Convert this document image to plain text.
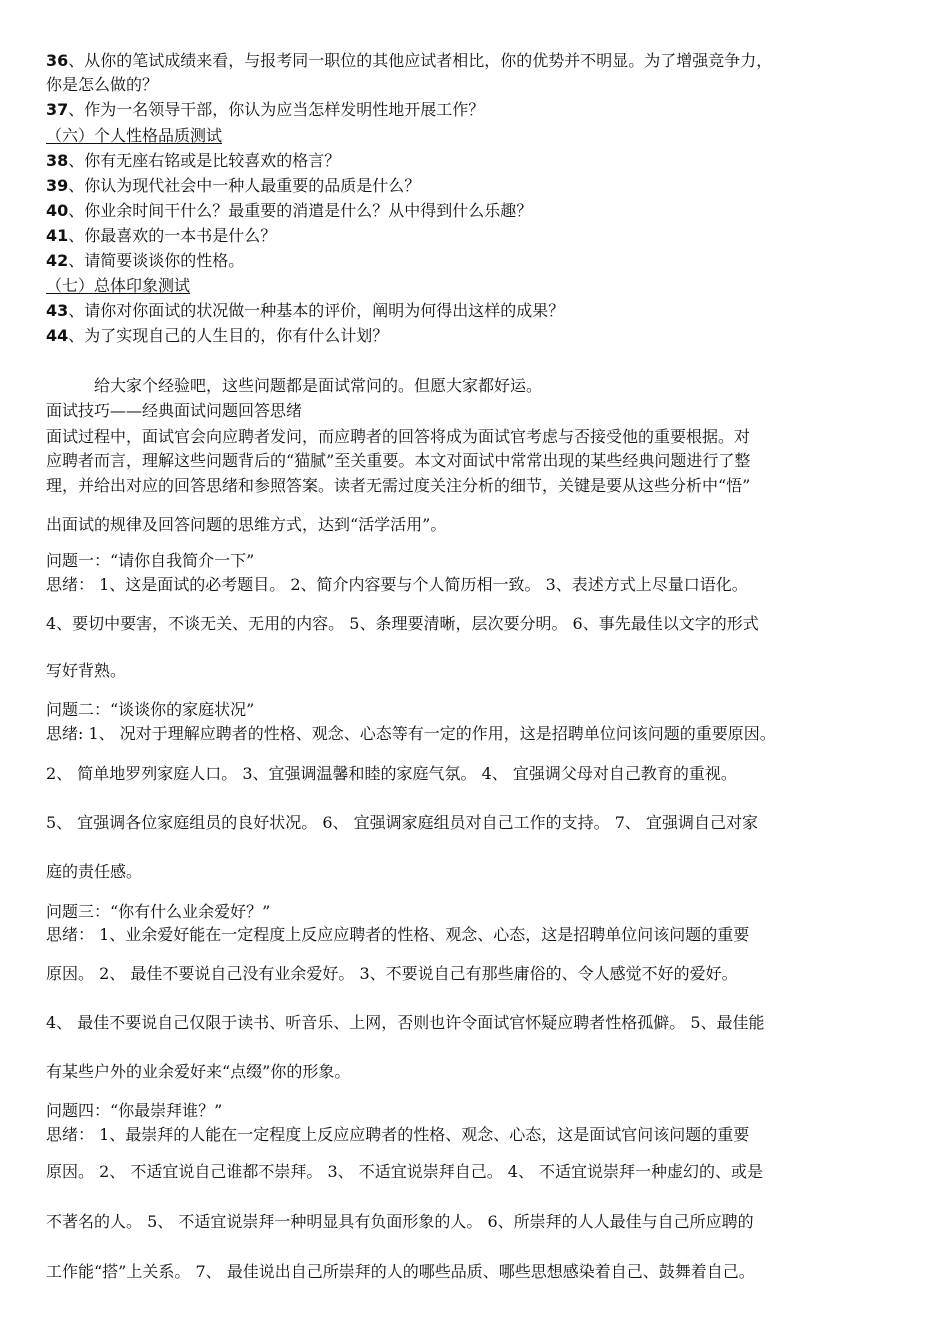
36、从你的笔试成绩来看，与报考同一职位的其他应试者相比，你的优势并不明显。为了增强竞争力，
你是怎么做的？
37、作为一名领导干部，你认为应当怎样发明性地开展工作？
（六）个人性格品质测试
38、你有无座右铭或是比较喜欢的格言？
39、你认为现代社会中一种人最重要的品质是什么？
40、你业余时间干什么？最重要的消遣是什么？从中得到什么乐趣？
41、你最喜欢的一本书是什么？
42、请简要谈谈你的性格。
（七）总体印象测试
43、请你对你面试的状况做一种基本的评价，阐明为何得出这样的成果？
44、为了实现自己的人生目的，你有什么计划？
给大家个经验吧，这些问题都是面试常问的。但愿大家都好运。
面试技巧——经典面试问题回答思绪
面试过程中，面试官会向应聘者发问，而应聘者的回答将成为面试官考虑与否接受他的重要根据。对
应聘者而言，理解这些问题背后的“猫腻”至关重要。本文对面试中常常出现的某些经典问题进行了整
理，并给出对应的回答思绪和参照答案。读者无需过度关注分析的细节，关键是要从这些分析中“悟”
出面试的规律及回答问题的思维方式，达到“活学活用”。
问题一：“请你自我简介一下”
思绪： 1、这是面试的必考题目。 2、简介内容要与个人简历相一致。 3、表述方式上尽量口语化。
4、要切中要害，不谈无关、无用的内容。 5、条理要清晰，层次要分明。 6、事先最佳以文字的形式
写好背熟。
问题二：“谈谈你的家庭状况”
思绪: 1、 况对于理解应聘者的性格、观念、心态等有一定的作用，这是招聘单位问该问题的重要原因。
2、 简单地罗列家庭人口。 3、宜强调温馨和睦的家庭气氛。 4、 宜强调父母对自己教育的重视。
5、 宜强调各位家庭组员的良好状况。 6、 宜强调家庭组员对自己工作的支持。 7、 宜强调自己对家
庭的责任感。
问题三：“你有什么业余爱好？”
思绪： 1、业余爱好能在一定程度上反应应聘者的性格、观念、心态，这是招聘单位问该问题的重要
原因。 2、 最佳不要说自己没有业余爱好。 3、不要说自己有那些庸俗的、令人感觉不好的爱好。
4、 最佳不要说自己仅限于读书、听音乐、上网，否则也许令面试官怀疑应聘者性格孤僻。 5、最佳能
有某些户外的业余爱好来“点缀”你的形象。
问题四：“你最崇拜谁？”
思绪： 1、最崇拜的人能在一定程度上反应应聘者的性格、观念、心态，这是面试官问该问题的重要
原因。 2、 不适宜说自己谁都不崇拜。 3、 不适宜说崇拜自己。 4、 不适宜说崇拜一种虚幻的、或是
不著名的人。 5、 不适宜说崇拜一种明显具有负面形象的人。 6、所崇拜的人人最佳与自己所应聘的
工作能“搭”上关系。 7、 最佳说出自己所崇拜的人的哪些品质、哪些思想感染着自己、鼓舞着自己。
